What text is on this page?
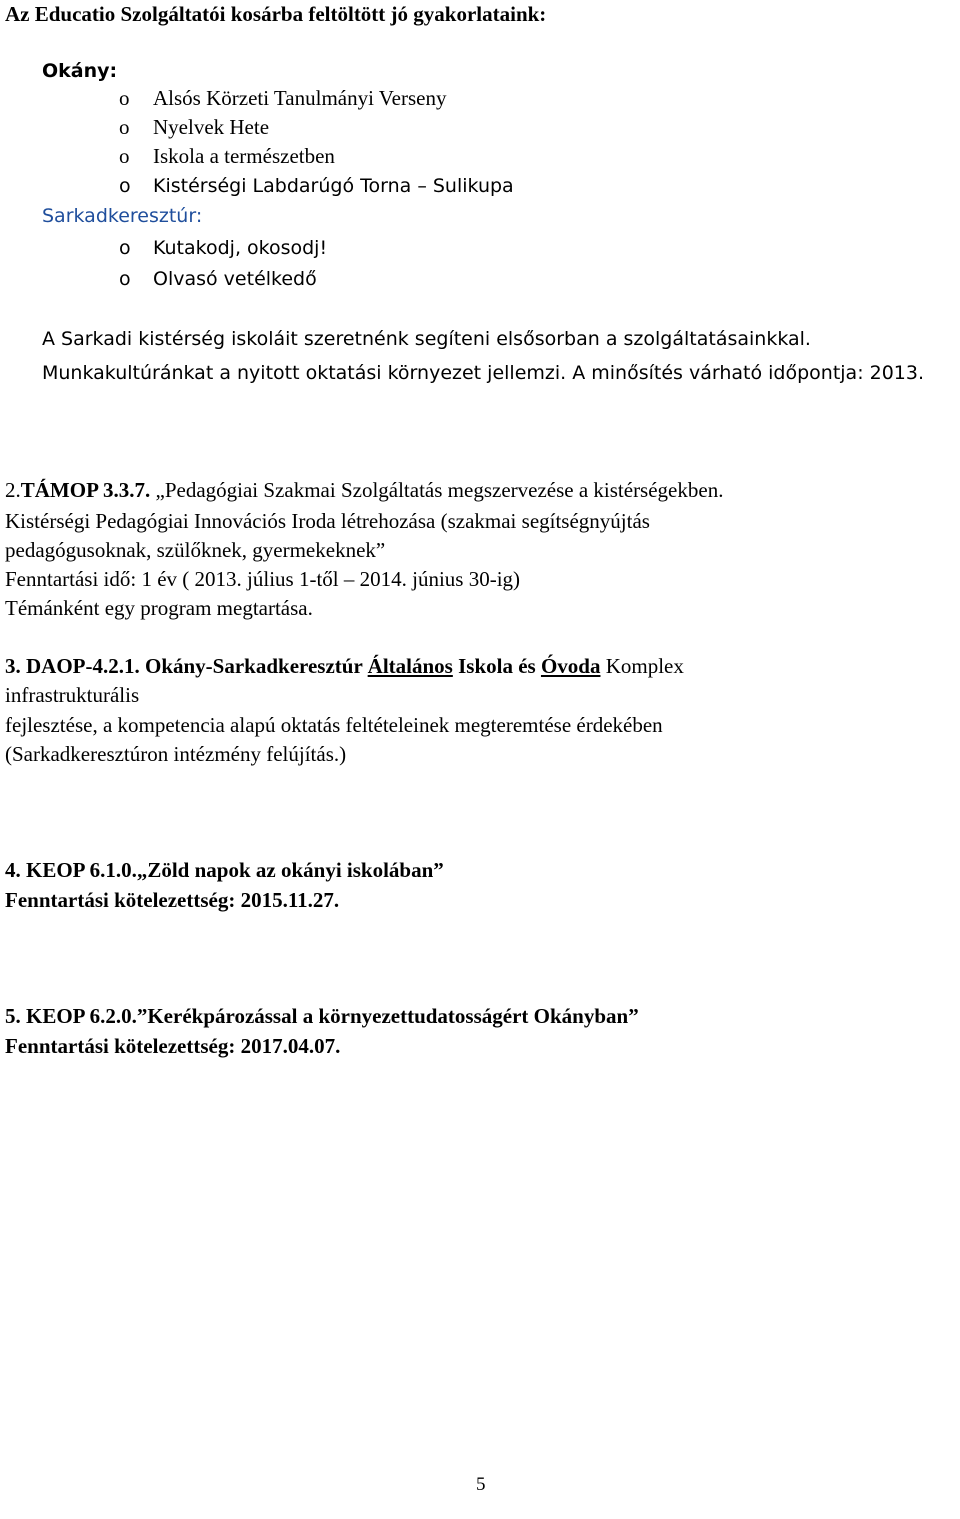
Az Educatio Szolgáltatói kosárba feltöltött jó gyakorlataink:

Okány:

o Alsós Körzeti Tanulmányi Verseny
o Nyelvek Hete
o Iskola a természetben
o Kistérségi Labdarúgó Torna – Sulikupa

Sarkadkeresztúr:

o Kutakodj, okosodj!
o Olvasó vetélkedő

A Sarkadi kistérség iskoláit szeretnénk segíteni elsősorban a szolgáltatásainkkal.

Munkakultúránkat a nyitott oktatási környezet jellemzi. A minősítés várható időpontja: 2013.

2.TÁMOP 3.3.7. „Pedagógiai Szakmai Szolgáltatás megszervezése a kistérségekben.

Kistérségi Pedagógiai Innovációs Iroda létrehozása (szakmai segítségnyújtás

pedagógusoknak, szülőknek, gyermekeknek”

Fenntartási idő: 1 év ( 2013. július 1-től – 2014. június 30-ig)

Témánként egy program megtartása.

3. DAOP-4.2.1. Okány-Sarkadkeresztúr Általános Iskola és Óvoda Komplex

infrastrukturális

fejlesztése, a kompetencia alapú oktatás feltételeinek megteremtése érdekében

(Sarkadkeresztúron intézmény felújítás.)

4. KEOP 6.1.0.„Zöld napok az okányi iskolában”

Fenntartási kötelezettség: 2015.11.27.

5. KEOP 6.2.0.”Kerékpározással a környezettudatosságért Okányban”

Fenntartási kötelezettség: 2017.04.07.

5
